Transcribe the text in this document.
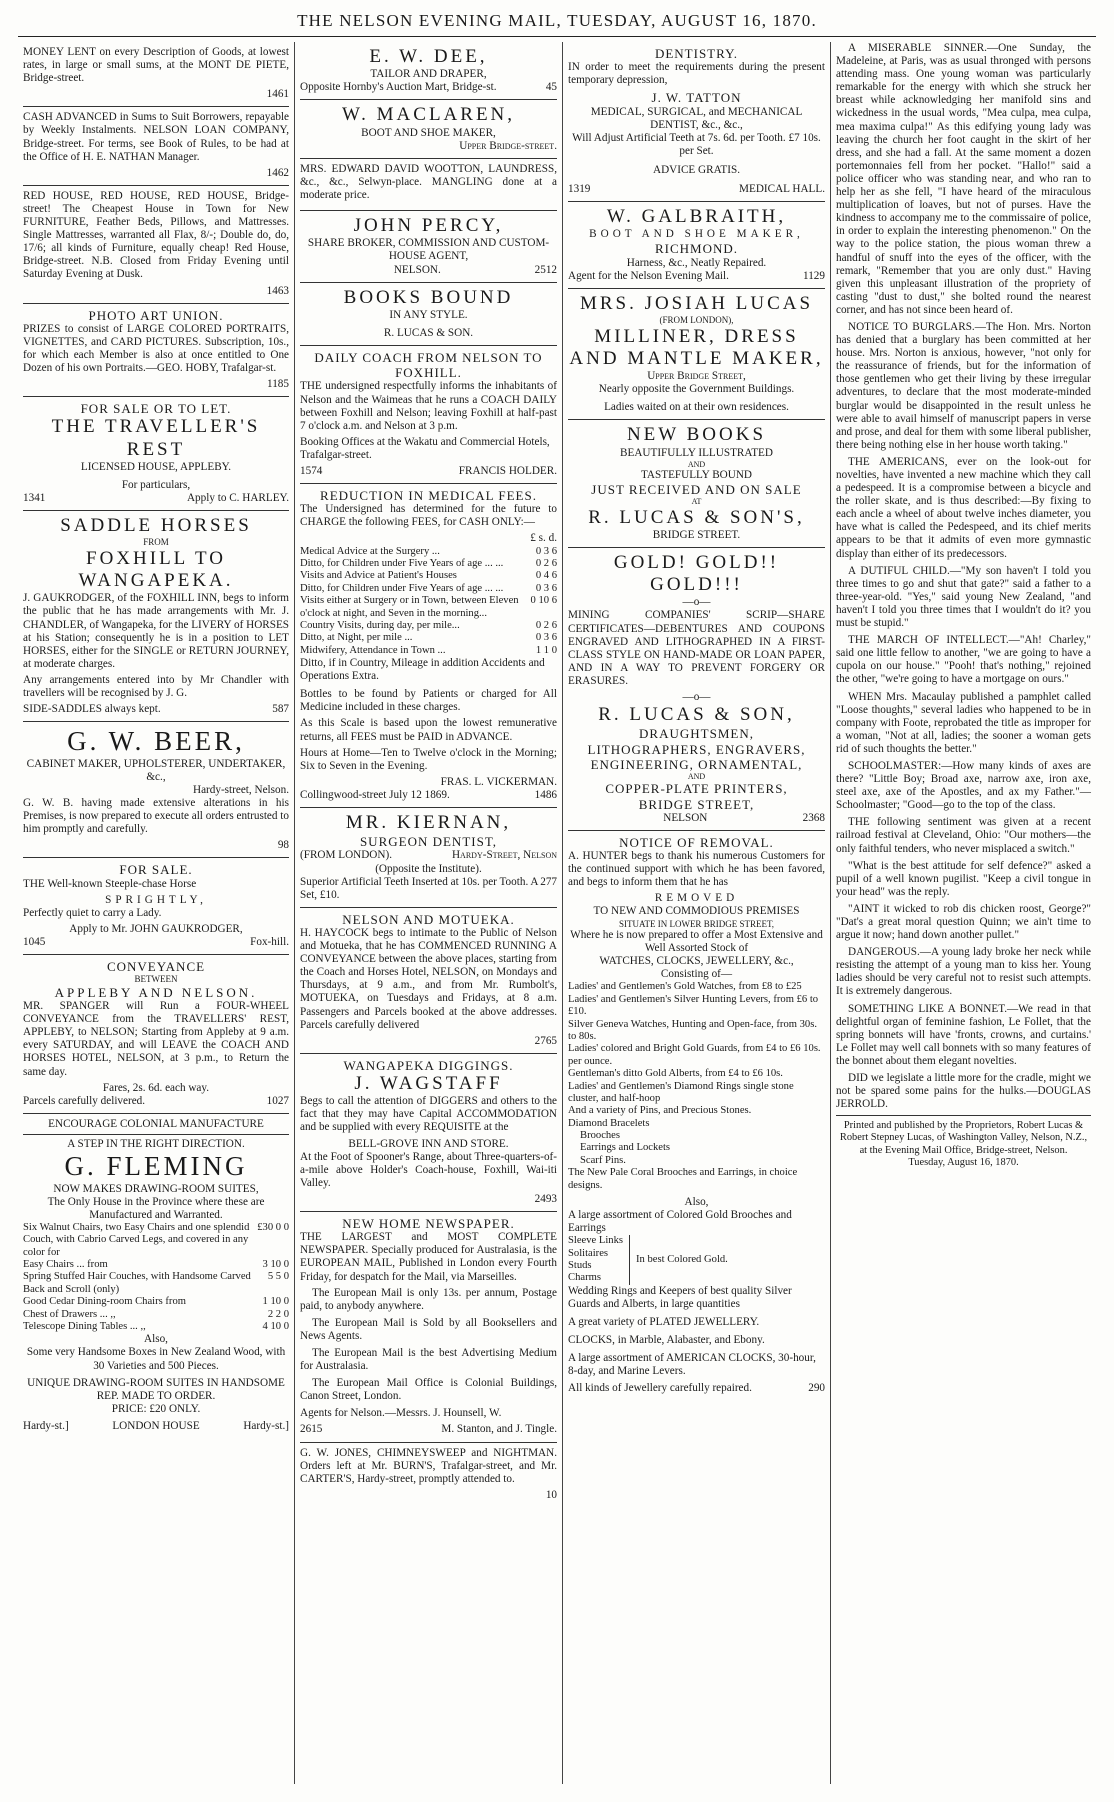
THE NELSON EVENING MAIL, TUESDAY, AUGUST 16, 1870.

MONEY LENT on every Description of Goods, at lowest rates, in large or small sums, at the MONT DE PIETE, Bridge-street.

1461

CASH ADVANCED in Sums to Suit Borrowers, repayable by Weekly Instalments. NELSON LOAN COMPANY, Bridge-street. For terms, see Book of Rules, to be had at the Office of H. E. NATHAN Manager.

1462

RED HOUSE, RED HOUSE, RED HOUSE, Bridge-street! The Cheapest House in Town for New FURNITURE, Feather Beds, Pillows, and Mattresses. Single Mattresses, warranted all Flax, 8/-; Double do, do, 17/6; all kinds of Furniture, equally cheap! Red House, Bridge-street. N.B. Closed from Friday Evening until Saturday Evening at Dusk.

1463
PHOTO ART UNION.

PRIZES to consist of LARGE COLORED PORTRAITS, VIGNETTES, and CARD PICTURES. Subscription, 10s., for which each Member is also at once entitled to One Dozen of his own Portraits.—GEO. HOBY, Trafalgar-st.

1185
FOR SALE OR TO LET.
THE TRAVELLER'S REST
LICENSED HOUSE, APPLEBY.
For particulars,
1341	Apply to C. HARLEY.
SADDLE HORSES
FROM
FOXHILL TO WANGAPEKA.

J. GAUKRODGER, of the FOXHILL INN, begs to inform the public that he has made arrangements with Mr. J. CHANDLER, of Wangapeka, for the LIVERY of HORSES at his Station; consequently he is in a position to LET HORSES, either for the SINGLE or RETURN JOURNEY, at moderate charges.

Any arrangements entered into by Mr Chandler with travellers will be recognised by J. G.

SIDE-SADDLES always kept.	587
G. W. BEER,
CABINET MAKER, UPHOLSTERER, UNDERTAKER, &c.,
Hardy-street, Nelson.

G. W. B. having made extensive alterations in his Premises, is now prepared to execute all orders entrusted to him promptly and carefully.

98
FOR SALE.

THE Well-known Steeple-chase Horse

SPRIGHTLY,

Perfectly quiet to carry a Lady.

Apply to Mr. JOHN GAUKRODGER,
1045	Fox-hill.
CONVEYANCE
BETWEEN
APPLEBY AND NELSON.

MR. SPANGER will Run a FOUR-WHEEL CONVEYANCE from the TRAVELLERS' REST, APPLEBY, to NELSON; Starting from Appleby at 9 a.m. every SATURDAY, and will LEAVE the COACH AND HORSES HOTEL, NELSON, at 3 p.m., to Return the same day.

Fares, 2s. 6d. each way.
Parcels carefully delivered.	1027
ENCOURAGE COLONIAL MANUFACTURE
A STEP IN THE RIGHT DIRECTION.
G. FLEMING
NOW MAKES DRAWING-ROOM SUITES,
The Only House in the Province where these are Manufactured and Warranted.
Six Walnut Chairs, two Easy Chairs and one splendid Couch, with Cabrio Carved Legs, and covered in any color for	£30 0 0
Easy Chairs ... from	3 10 0
Spring Stuffed Hair Couches, with Handsome Carved Back and Scroll (only)	5 5 0
Good Cedar Dining-room Chairs from	1 10 0
Chest of Drawers ... ,,	2 2 0
Telescope Dining Tables ... ,,	4 10 0
Also,
Some very Handsome Boxes in New Zealand Wood, with 30 Varieties and 500 Pieces.
UNIQUE DRAWING-ROOM SUITES IN HANDSOME REP. MADE TO ORDER.
PRICE: £20 ONLY.
Hardy-st.]	LONDON HOUSE	Hardy-st.]
E. W. DEE,
TAILOR AND DRAPER,
Opposite Hornby's Auction Mart, Bridge-st.	45
W. MACLAREN,
BOOT AND SHOE MAKER,
Upper Bridge-street.

MRS. EDWARD DAVID WOOTTON, LAUNDRESS, &c., &c., Selwyn-place. MANGLING done at a moderate price.

JOHN PERCY,
SHARE BROKER, COMMISSION AND CUSTOM-HOUSE AGENT,
NELSON.	2512
BOOKS BOUND
IN ANY STYLE.
R. LUCAS & SON.
DAILY COACH FROM NELSON TO FOXHILL.

THE undersigned respectfully informs the inhabitants of Nelson and the Waimeas that he runs a COACH DAILY between Foxhill and Nelson; leaving Foxhill at half-past 7 o'clock a.m. and Nelson at 3 p.m.

Booking Offices at the Wakatu and Commercial Hotels, Trafalgar-street.

1574	FRANCIS HOLDER.
REDUCTION IN MEDICAL FEES.

The Undersigned has determined for the future to CHARGE the following FEES, for CASH ONLY:—

£ s. d.
Medical Advice at the Surgery ...	0 3 6
Ditto, for Children under Five Years of age ... ...	0 2 6
Visits and Advice at Patient's Houses	0 4 6
Ditto, for Children under Five Years of age ... ...	0 3 6
Visits either at Surgery or in Town, between Eleven o'clock at night, and Seven in the morning...	0 10 6
Country Visits, during day, per mile...	0 2 6
Ditto, at Night, per mile ...	0 3 6
Midwifery, Attendance in Town ...	1 1 0

Ditto, if in Country, Mileage in addition Accidents and Operations Extra.

Bottles to be found by Patients or charged for All Medicine included in these charges.

As this Scale is based upon the lowest remunerative returns, all FEES must be PAID in ADVANCE.

Hours at Home—Ten to Twelve o'clock in the Morning; Six to Seven in the Evening.

FRAS. L. VICKERMAN.
Collingwood-street July 12 1869.	1486
MR. KIERNAN,
SURGEON DENTIST,
(FROM LONDON).	Hardy-Street, Nelson
(Opposite the Institute).
Superior Artificial Teeth Inserted at 10s. per Tooth. A Set, £10.
277
NELSON AND MOTUEKA.

H. HAYCOCK begs to intimate to the Public of Nelson and Motueka, that he has COMMENCED RUNNING A CONVEYANCE between the above places, starting from the Coach and Horses Hotel, NELSON, on Mondays and Thursdays, at 9 a.m., and from Mr. Rumbolt's, MOTUEKA, on Tuesdays and Fridays, at 8 a.m. Passengers and Parcels booked at the above addresses. Parcels carefully delivered

2765
WANGAPEKA DIGGINGS.
J. WAGSTAFF

Begs to call the attention of DIGGERS and others to the fact that they may have Capital ACCOMMODATION and be supplied with every REQUISITE at the

BELL-GROVE INN AND STORE.

At the Foot of Spooner's Range, about Three-quarters-of-a-mile above Holder's Coach-house, Foxhill, Wai-iti Valley.

2493
NEW HOME NEWSPAPER.

THE LARGEST and MOST COMPLETE NEWSPAPER. Specially produced for Australasia, is the EUROPEAN MAIL, Published in London every Fourth Friday, for despatch for the Mail, via Marseilles.

The European Mail is only 13s. per annum, Postage paid, to anybody anywhere.

The European Mail is Sold by all Booksellers and News Agents.

The European Mail is the best Advertising Medium for Australasia.

The European Mail Office is Colonial Buildings, Canon Street, London.

Agents for Nelson.—Messrs. J. Hounsell, W.

2615	M. Stanton, and J. Tingle.

G. W. JONES, CHIMNEYSWEEP and NIGHTMAN. Orders left at Mr. BURN'S, Trafalgar-street, and Mr. CARTER'S, Hardy-street, promptly attended to.

10
DENTISTRY.

IN order to meet the requirements during the present temporary depression,

J. W. TATTON
MEDICAL, SURGICAL, and MECHANICAL DENTIST, &c., &c.,
Will Adjust Artificial Teeth at 7s. 6d. per Tooth. £7 10s. per Set.
ADVICE GRATIS.
1319	MEDICAL HALL.
W. GALBRAITH,
BOOT AND SHOE MAKER,
RICHMOND.
Harness, &c., Neatly Repaired.
Agent for the Nelson Evening Mail.	1129
MRS. JOSIAH LUCAS
(FROM LONDON),
MILLINER, DRESS AND MANTLE MAKER,
Upper Bridge Street,
Nearly opposite the Government Buildings.
Ladies waited on at their own residences.
NEW BOOKS
BEAUTIFULLY ILLUSTRATED
AND
TASTEFULLY BOUND
JUST RECEIVED AND ON SALE
AT
R. LUCAS & SON'S,
BRIDGE STREET.
GOLD! GOLD!! GOLD!!!
—o—

MINING COMPANIES' SCRIP—SHARE CERTIFICATES—DEBENTURES AND COUPONS ENGRAVED AND LITHOGRAPHED IN A FIRST-CLASS STYLE ON HAND-MADE OR LOAN PAPER, AND IN A WAY TO PREVENT FORGERY OR ERASURES.

—o—
R. LUCAS & SON,
DRAUGHTSMEN,
LITHOGRAPHERS, ENGRAVERS,
ENGINEERING, ORNAMENTAL,
AND
COPPER-PLATE PRINTERS,
BRIDGE STREET,
NELSON	2368
NOTICE OF REMOVAL.

A. HUNTER begs to thank his numerous Customers for the continued support with which he has been favored, and begs to inform them that he has

REMOVED
TO NEW AND COMMODIOUS PREMISES
SITUATE IN LOWER BRIDGE STREET,
Where he is now prepared to offer a Most Extensive and Well Assorted Stock of
WATCHES, CLOCKS, JEWELLERY, &c.,
Consisting of—
Ladies' and Gentlemen's Gold Watches, from £8 to £25
Ladies' and Gentlemen's Silver Hunting Levers, from £6 to £10.
Silver Geneva Watches, Hunting and Open-face, from 30s. to 80s.
Ladies' colored and Bright Gold Guards, from £4 to £6 10s. per ounce.
Gentleman's ditto Gold Alberts, from £4 to £6 10s.
Ladies' and Gentlemen's Diamond Rings single stone cluster, and half-hoop
And a variety of Pins, and Precious Stones.
Diamond Bracelets
Brooches
Earrings and Lockets
Scarf Pins.
The New Pale Coral Brooches and Earrings, in choice designs.
Also,
A large assortment of Colored Gold Brooches and Earrings
Sleeve Links
Solitaires
Studs
Charms
In best Colored Gold.
Wedding Rings and Keepers of best quality Silver Guards and Alberts, in large quantities
A great variety of PLATED JEWELLERY.
CLOCKS, in Marble, Alabaster, and Ebony.
A large assortment of AMERICAN CLOCKS, 30-hour, 8-day, and Marine Levers.
All kinds of Jewellery carefully repaired.	290

A MISERABLE SINNER.—One Sunday, the Madeleine, at Paris, was as usual thronged with persons attending mass. One young woman was particularly remarkable for the energy with which she struck her breast while acknowledging her manifold sins and wickedness in the usual words, "Mea culpa, mea culpa, mea maxima culpa!" As this edifying young lady was leaving the church her foot caught in the skirt of her dress, and she had a fall. At the same moment a dozen portemonnaies fell from her pocket. "Hallo!" said a police officer who was standing near, and who ran to help her as she fell, "I have heard of the miraculous multiplication of loaves, but not of purses. Have the kindness to accompany me to the commissaire of police, in order to explain the interesting phenomenon." On the way to the police station, the pious woman threw a handful of snuff into the eyes of the officer, with the remark, "Remember that you are only dust." Having given this unpleasant illustration of the propriety of casting "dust to dust," she bolted round the nearest corner, and has not since been heard of.

NOTICE TO BURGLARS.—The Hon. Mrs. Norton has denied that a burglary has been committed at her house. Mrs. Norton is anxious, however, "not only for the reassurance of friends, but for the information of those gentlemen who get their living by these irregular adventures, to declare that the most moderate-minded burglar would be disappointed in the result unless he were able to avail himself of manuscript papers in verse and prose, and deal for them with some liberal publisher, there being nothing else in her house worth taking."

THE AMERICANS, ever on the look-out for novelties, have invented a new machine which they call a pedespeed. It is a compromise between a bicycle and the roller skate, and is thus described:—By fixing to each ancle a wheel of about twelve inches diameter, you have what is called the Pedespeed, and its chief merits appears to be that it admits of even more gymnastic display than either of its predecessors.

A DUTIFUL CHILD.—"My son haven't I told you three times to go and shut that gate?" said a father to a three-year-old. "Yes," said young New Zealand, "and haven't I told you three times that I wouldn't do it? you must be stupid."

THE MARCH OF INTELLECT.—"Ah! Charley," said one little fellow to another, "we are going to have a cupola on our house." "Pooh! that's nothing," rejoined the other, "we're going to have a mortgage on ours."

WHEN Mrs. Macaulay published a pamphlet called "Loose thoughts," several ladies who happened to be in company with Foote, reprobated the title as improper for a woman, "Not at all, ladies; the sooner a woman gets rid of such thoughts the better."

SCHOOLMASTER:—How many kinds of axes are there? "Little Boy; Broad axe, narrow axe, iron axe, steel axe, axe of the Apostles, and ax my Father."—Schoolmaster; "Good—go to the top of the class.

THE following sentiment was given at a recent railroad festival at Cleveland, Ohio: "Our mothers—the only faithful tenders, who never misplaced a switch."

"What is the best attitude for self defence?" asked a pupil of a well known pugilist. "Keep a civil tongue in your head" was the reply.

"AINT it wicked to rob dis chicken roost, George?" "Dat's a great moral question Quinn; we ain't time to argue it now; hand down another pullet."

DANGEROUS.—A young lady broke her neck while resisting the attempt of a young man to kiss her. Young ladies should be very careful not to resist such attempts. It is extremely dangerous.

SOMETHING LIKE A BONNET.—We read in that delightful organ of feminine fashion, Le Follet, that the spring bonnets will have 'fronts, crowns, and curtains.' Le Follet may well call bonnets with so many features of the bonnet about them elegant novelties.

DID we legislate a little more for the cradle, might we not be spared some pains for the hulks.—DOUGLAS JERROLD.

Printed and published by the Proprietors, Robert Lucas & Robert Stepney Lucas, of Washington Valley, Nelson, N.Z., at the Evening Mail Office, Bridge-street, Nelson.
Tuesday, August 16, 1870.
